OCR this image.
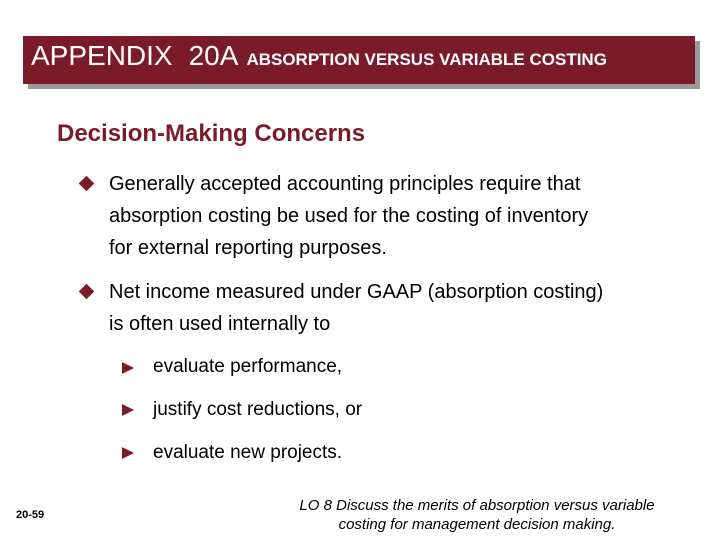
APPENDIX 20A ABSORPTION VERSUS VARIABLE COSTING
Decision-Making Concerns
Generally accepted accounting principles require that
absorption costing be used for the costing of inventory
for external reporting purposes.
Net income measured under GAAP (absorption costing)
is often used internally to
evaluate performance,
justify cost reductions, or
evaluate new projects.
20-59
LO 8 Discuss the merits of absorption versus variable
costing for management decision making.
